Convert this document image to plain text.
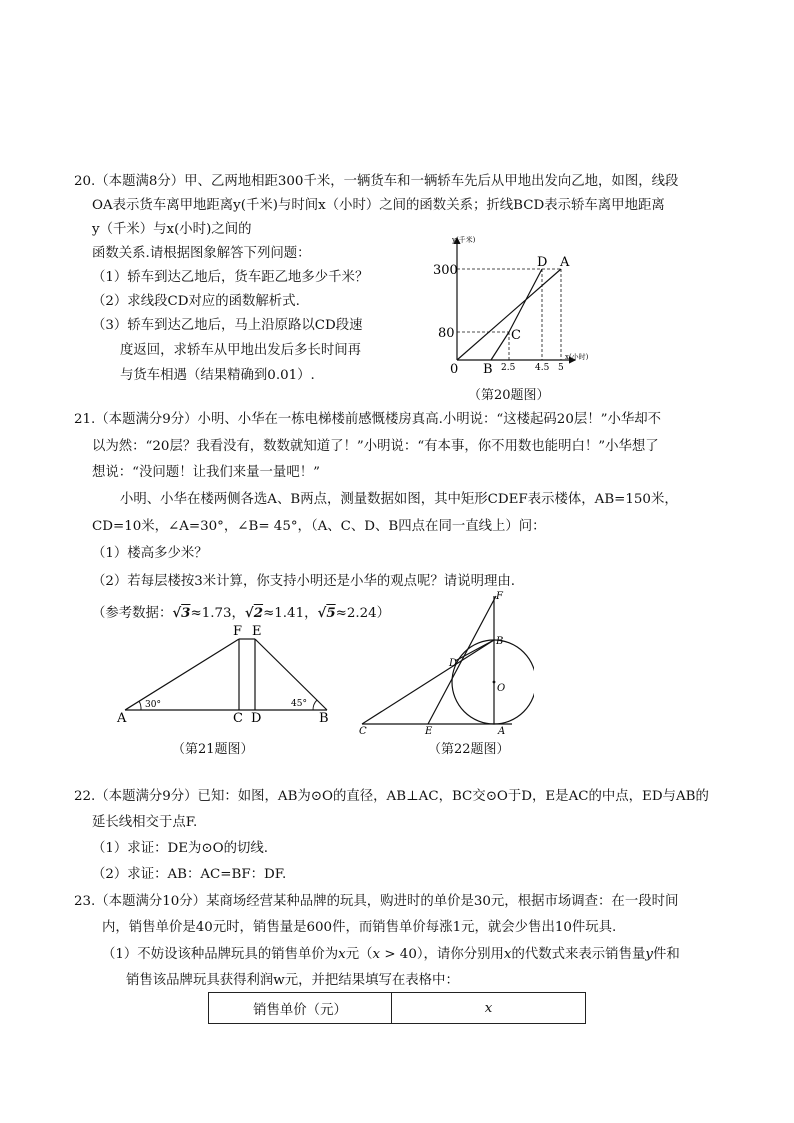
20.（本题满8分）甲、乙两地相距300千米，一辆货车和一辆轿车先后从甲地出发向乙地，如图，线段
OA表示货车离甲地距离y(千米)与时间x（小时）之间的函数关系；折线BCD表示轿车离甲地距离
y（千米）与x(小时)之间的
函数关系.请根据图象解答下列问题：
（1）轿车到达乙地后，货车距乙地多少千米？
（2）求线段CD对应的函数解析式.
（3）轿车到达乙地后，马上沿原路以CD段速
度返回，求轿车从甲地出发后多长时间再
与货车相遇（结果精确到0.01）.
y(千米)
x(小时)
300
80
0	2.5 4.5 5
D A
C
B
（第20题图）
21.（本题满分9分）小明、小华在一栋电梯楼前感慨楼房真高.小明说：“这楼起码20层！”小华却不
以为然：“20层？我看没有，数数就知道了！”小明说：“有本事，你不用数也能明白！”小华想了
想说：“没问题！让我们来量一量吧！”
小明、小华在楼两侧各选A、B两点，测量数据如图，其中矩形CDEF表示楼体，AB=150米，
CD=10米，∠A=30°，∠B= 45°，（A、C、D、B四点在同一直线上）问：
（1）楼高多少米？
（2）若每层楼按3米计算，你支持小明还是小华的观点呢？请说明理由.
（参考数据：√3≈1.73，√2≈1.41，√5≈2.24）
F E
30°	45°
A	C D	B
（第21题图）
F
B
D
O
C	E	A
（第22题图）
22.（本题满分9分）已知：如图，AB为⊙O的直径，AB⊥AC，BC交⊙O于D，E是AC的中点，ED与AB的
延长线相交于点F.
（1）求证：DE为⊙O的切线.
（2）求证：AB：AC=BF：DF.
23.（本题满分10分）某商场经营某种品牌的玩具，购进时的单价是30元，根据市场调查：在一段时间
内，销售单价是40元时，销售量是600件，而销售单价每涨1元，就会少售出10件玩具.
（1）不妨设该种品牌玩具的销售单价为x元（x > 40），请你分别用x的代数式来表示销售量y件和
销售该品牌玩具获得利润w元，并把结果填写在表格中：
销售单价（元）	x
